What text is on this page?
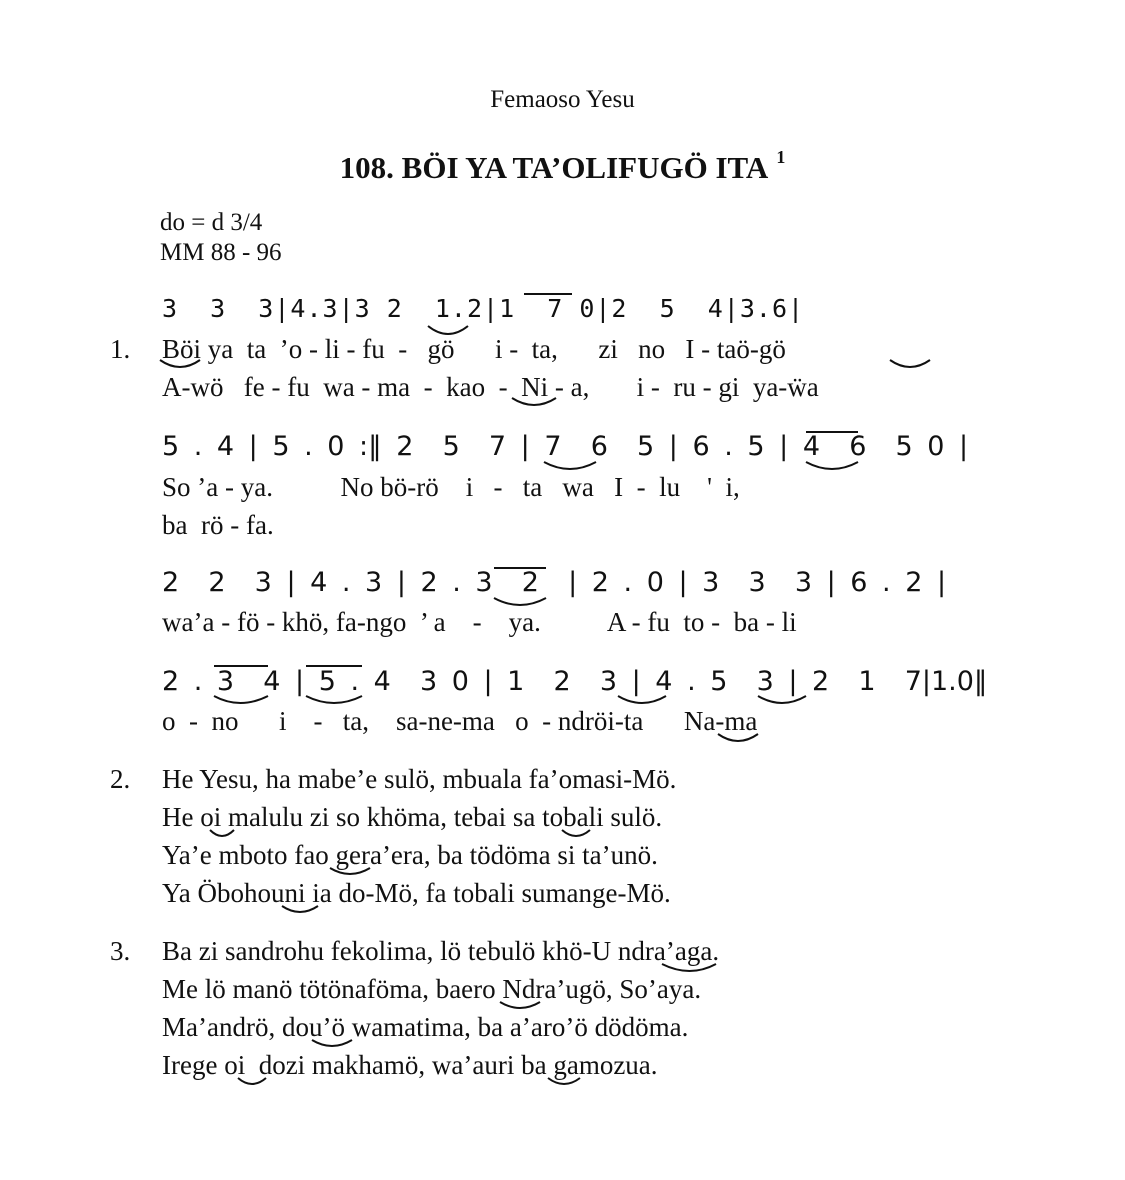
Femaoso Yesu
108. BÖI YA TA’OLIFUGÖ ITA $^1$
do = d 3/4
MM 88 - 96
3  3  3|4.3|3 2  1.2|1  7 0|2  5  4|3.6|
1. Böi ya  ta  ’o - li - fu  -   gö      i -  ta,      zi   no   I - taö-gö
A-wö   fe - fu  wa - ma  -  kao  -  Ni - a,       i -  ru - gi  ya-ẅa
5 . 4 | 5 . 0 :‖ 2  5  7 | 7  6  5 | 6 . 5 | 4  6  5 0 |
So ’a - ya.          No bö-rö    i   -   ta   wa   I  -  lu    '  i,
ba  rö - fa.
2  2  3 | 4 . 3 | 2 . 3  2  | 2 . 0 | 3  3  3 | 6 . 2 |
wa’a - fö - khö, fa-ngo  ’ a    -    ya.          A - fu  to -  ba - li
2 . 3  4 | 5 . 4  3 0 | 1  2  3 | 4 . 5  3 | 2  1  7|1.0‖
o  -  no      i    -   ta,    sa-ne-ma   o  - ndröi-ta      Na-ma
2. He Yesu, ha mabe’e sulö, mbuala fa’omasi-Mö.
He oi malulu zi so khöma, tebai sa tobali sulö.
Ya’e mboto fao gera’era, ba tödöma si ta’unö.
Ya Öbohouni ia do-Mö, fa tobali sumange-Mö.
3. Ba zi sandrohu fekolima, lö tebulö khö-U ndra’aga.
Me lö manö tötönaföma, baero Ndra’ugö, So’aya.
Ma’andrö, dou’ö wamatima, ba a’aro’ö dödöma.
Irege oi  dozi makhamö, wa’auri ba gamozua.
